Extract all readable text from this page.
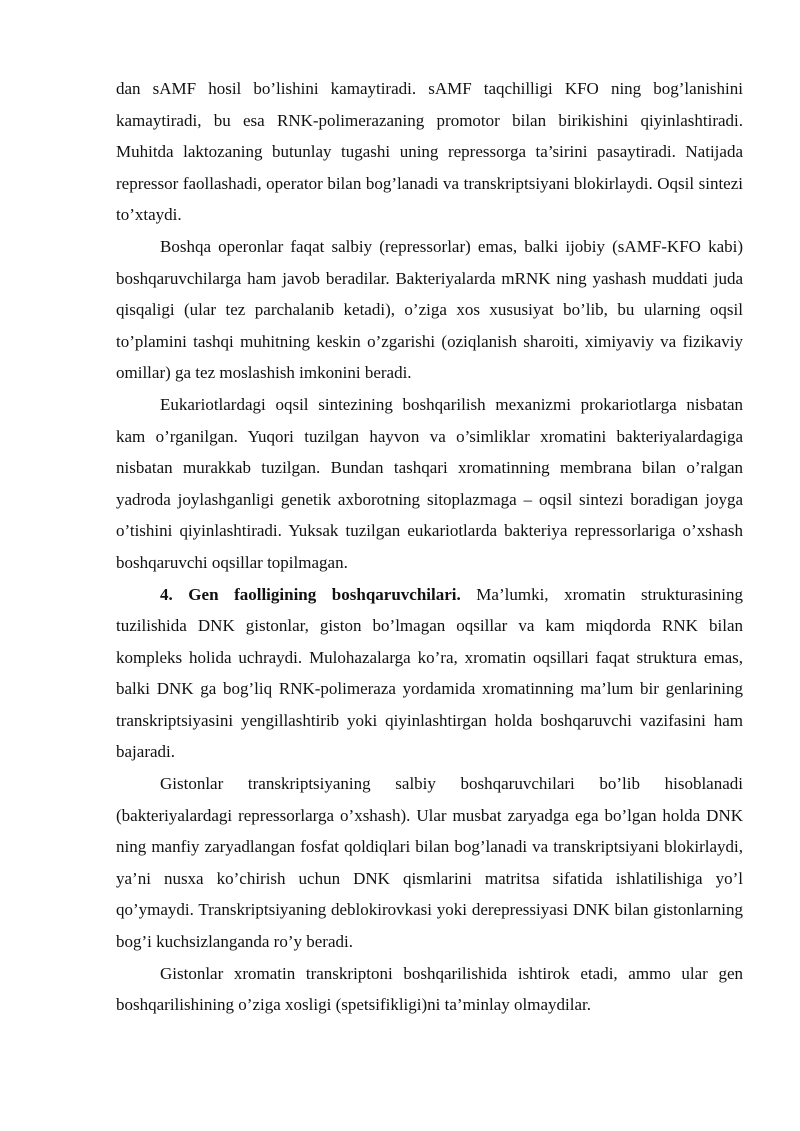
dan sAMF hosil bo’lishini kamaytiradi. sAMF taqchilligi KFO ning bog’lanishini kamaytiradi, bu esa RNK-polimerazaning promotor bilan birikishini qiyinlashtiradi. Muhitda laktozaning butunlay tugashi uning repressorga ta’sirini pasaytiradi. Natijada repressor faollashadi, operator bilan bog’lanadi va transkriptsiyani blokirlaydi. Oqsil sintezi to’xtaydi.

Boshqa operonlar faqat salbiy (repressorlar) emas, balki ijobiy (sAMF-KFO kabi) boshqaruvchilarga ham javob beradilar. Bakteriyalarda mRNK ning yashash muddati juda qisqaligi (ular tez parchalanib ketadi), o’ziga xos xususiyat bo’lib, bu ularning oqsil to’plamini tashqi muhitning keskin o’zgarishi (oziqlanish sharoiti, ximiyaviy va fizikaviy omillar) ga tez moslashish imkonini beradi.

Eukariotlardagi oqsil sintezining boshqarilish mexanizmi prokariotlarga nisbatan kam o’rganilgan. Yuqori tuzilgan hayvon va o’simliklar xromatini bakteriyalardagiga nisbatan murakkab tuzilgan. Bundan tashqari xromatinning membrana bilan o’ralgan yadroda joylashganligi genetik axborotning sitoplazmaga – oqsil sintezi boradigan joyga o’tishini qiyinlashtiradi. Yuksak tuzilgan eukariotlarda bakteriya repressorlariga o’xshash boshqaruvchi oqsillar topilmagan.

4. Gen faolligining boshqaruvchilari. Ma’lumki, xromatin strukturasining tuzilishida DNK gistonlar, giston bo’lmagan oqsillar va kam miqdorda RNK bilan kompleks holida uchraydi. Mulohazalarga ko’ra, xromatin oqsillari faqat struktura emas, balki DNK ga bog’liq RNK-polimeraza yordamida xromatinning ma’lum bir genlarining transkriptsiyasini yengillashtirib yoki qiyinlashtirgan holda boshqaruvchi vazifasini ham bajaradi.

Gistonlar transkriptsiyaning salbiy boshqaruvchilari bo’lib hisoblanadi (bakteriyalardagi repressorlarga o’xshash). Ular musbat zaryadga ega bo’lgan holda DNK ning manfiy zaryadlangan fosfat qoldiqlari bilan bog’lanadi va transkriptsiyani blokirlaydi, ya’ni nusxa ko’chirish uchun DNK qismlarini matritsa sifatida ishlatilishiga yo’l qo’ymaydi. Transkriptsiyaning deblokirovkasi yoki derepressiyasi DNK bilan gistonlarning bog’i kuchsizlanganda ro’y beradi.

Gistonlar xromatin transkriptoni boshqarilishida ishtirok etadi, ammo ular gen boshqarilishining o’ziga xosligi (spetsifikligi)ni ta’minlay olmaydilar.
